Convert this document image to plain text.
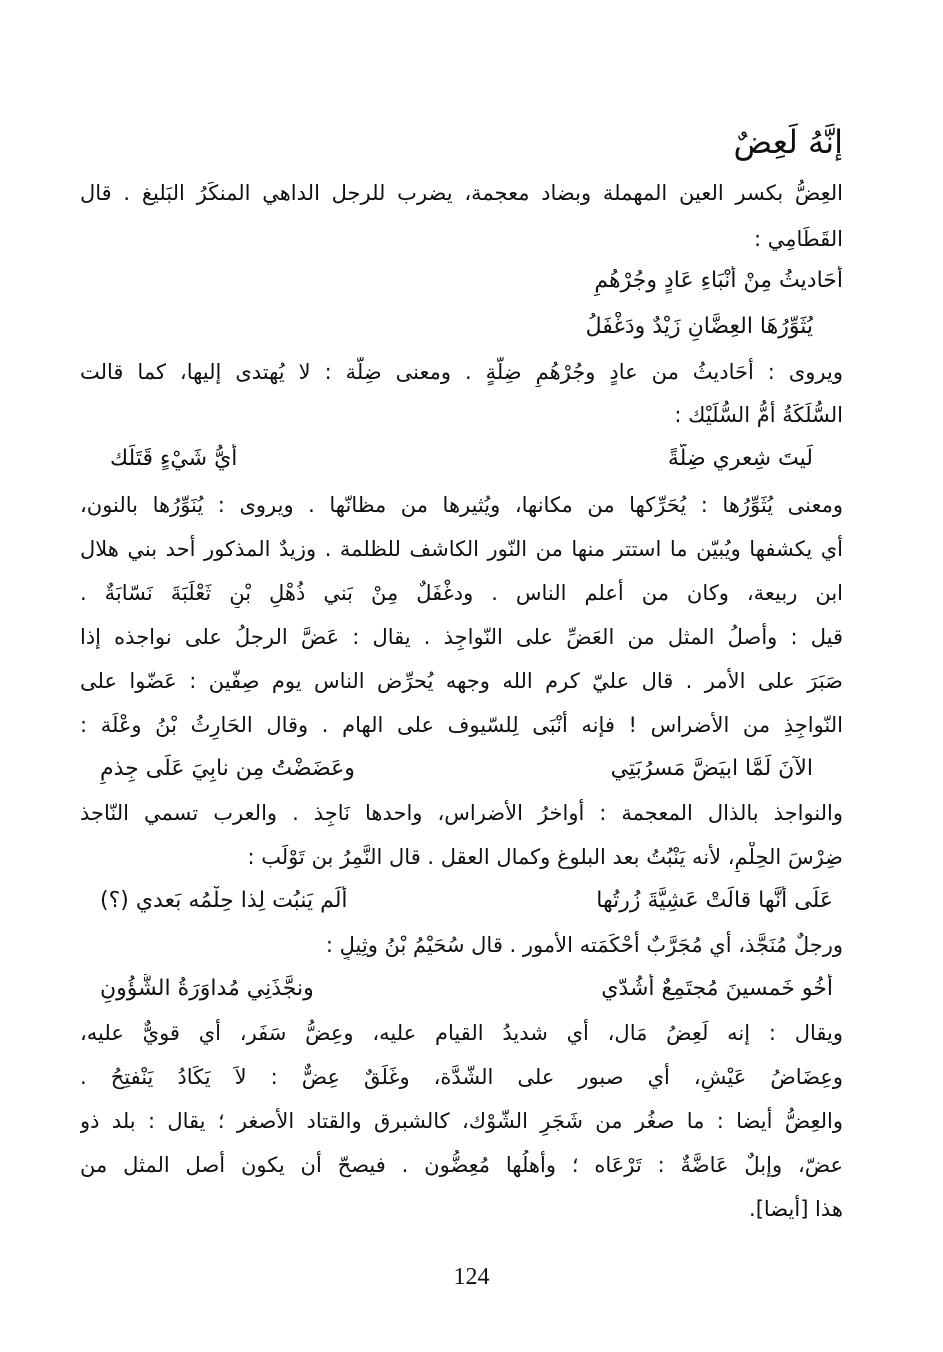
إنَّهُ لَعِضٌ
العِضُّ بكسر العين المهملة وبضاد معجمة، يضرب للرجل الداهي المنكَرُ البَليغ . قال
القَطَامِي :
أحَاديثُ مِنْ أنْبَاءِ عَادٍ وجُرْهُمٍ
يُثَوِّرُهَا العِضَّانِ زَيْدٌ ودَغْفَلُ
ويروى : أحَاديثُ من عادٍ وجُرْهُمٍ ضِلَّةٍ . ومعنى ضِلَّة : لا يُهتدى إليها، كما قالت
السُّلَكَةُ أمُّ السُّلَيْك :
لَيتَ شِعري ضِلَّةً
أيُّ شَيْءٍ قَتَلَك
ومعنى يُثَوِّرُها : يُحَرِّكها من مكانها، ويُثيرها من مظانّها . ويروى : يُنَوِّرُها بالنون،
أي يكشفها ويُبيّن ما استتر منها من النّور الكاشف للظلمة . وزيدٌ المذكور أحد بني هلال
ابن ربيعة، وكان من أعلم الناس . ودغْفَلٌ مِنْ بَني ذُهْلِ بْنِ ثَعْلَبَةَ نَسّابَةٌ .
قيل : وأصلُ المثل من العَضِّ على النّواجِذ . يقال : عَضَّ الرجلُ على نواجذه إذا
صَبَرَ على الأمر . قال عليّ كرم الله وجهه يُحرِّض الناس يوم صِفّين : عَضّوا على
النّواجِذِ من الأضراس ! فإنه أنْبَى لِلسّيوف على الهام . وقال الحَارِثُ بْنُ وعْلَة :
الآنَ لَمَّا ابيَضَّ مَسرُبَتِي
وعَضَضْتُ مِن نابِيَ عَلَى جِذمِ
والنواجذ بالذال المعجمة : أواخرُ الأضراس، واحدها نَاجِذ . والعرب تسمي النّاجذ
ضِرْسَ الحِلْمِ، لأنه يَنْبُتُ بعد البلوغ وكمال العقل . قال النَّمِرُ بن تَوْلَب :
عَلَى أنَّها قالَتْ عَشِيَّةَ زُرتُها
ألَم يَنبُت لِذا حِلْمُه بَعدي (؟)
ورجلٌ مُنَجَّذ، أي مُجَرَّبٌ أحْكَمَته الأمور . قال سُحَيْمُ بْنُ وثِيلٍ :
أخُو خَمسينَ مُجتَمِعٌ أشُدّي
ونجَّذَنِي مُداوَرَةُ الشُّؤُونِ
ويقال : إنه لَعِضُ مَال، أي شديدُ القيام عليه، وعِضُّ سَفَر، أي قويٌّ عليه،
وعِضَاضُ عَيْشٍ، أي صبور على الشّدَّة، وغَلَقٌ عِضٌّ : لاَ يَكَادُ يَنْفتِحُ .
والعِضُّ أيضا : ما صغُر من شَجَرِ الشّوْك، كالشبرق والقتاد الأصغر ؛ يقال : بلد ذو
عضّ، وإبلٌ عَاضَّةٌ : تَرْعَاه ؛ وأهلُها مُعِضُّون . فيصحّ أن يكون أصل المثل من
هذا [أيضا].
124
